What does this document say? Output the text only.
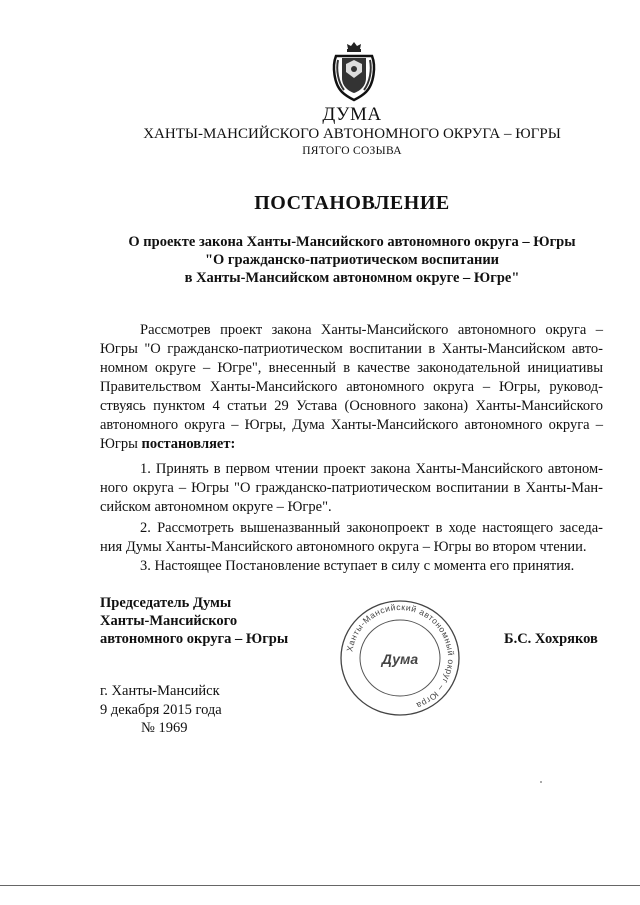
ДУМА
ХАНТЫ-МАНСИЙСКОГО АВТОНОМНОГО ОКРУГА – ЮГРЫ
ПЯТОГО СОЗЫВА
ПОСТАНОВЛЕНИЕ
О проекте закона Ханты-Мансийского автономного округа – Югры
"О гражданско-патриотическом воспитании
в Ханты-Мансийском автономном округе – Югре"
Рассмотрев проект закона Ханты-Мансийского автономного округа –
Югры "О гражданско-патриотическом воспитании в Ханты-Мансийском авто-
номном округе – Югре", внесенный в качестве законодательной инициативы
Правительством Ханты-Мансийского автономного округа – Югры, руковод-
ствуясь пунктом 4 статьи 29 Устава (Основного закона) Ханты-Мансийского
автономного округа – Югры, Дума Ханты-Мансийского автономного округа –
Югры постановляет:
1. Принять в первом чтении проект закона Ханты-Мансийского автоном-
ного округа – Югры "О гражданско-патриотическом воспитании в Ханты-Ман-
сийском автономном округе – Югре".
2. Рассмотреть вышеназванный законопроект в ходе настоящего заседа-
ния Думы Ханты-Мансийского автономного округа – Югры во втором чтении.
3. Настоящее Постановление вступает в силу с момента его принятия.
Председатель Думы
Ханты-Мансийского
автономного округа – Югры	Б.С. Хохряков
Ханты-Мансийский автономный округ – Югра
Дума
г. Ханты-Мансийск
9 декабря 2015 года
№ 1969
